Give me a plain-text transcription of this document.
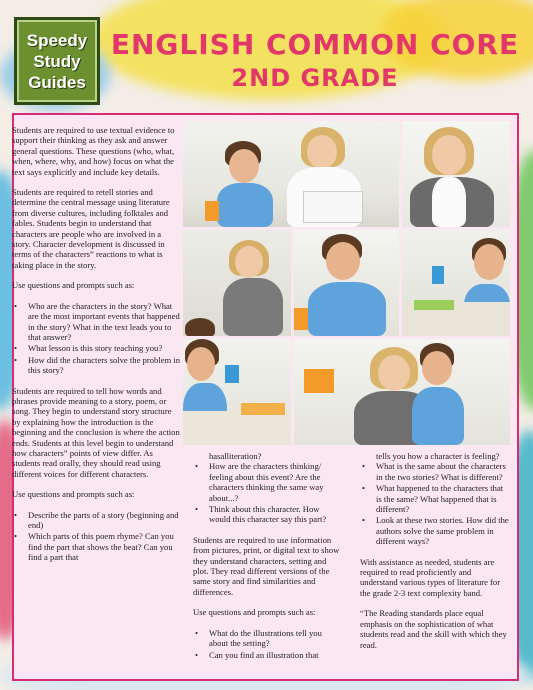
Speedy
Study
Guides
ENGLISH COMMON CORE
2ND GRADE

Students are required to use textual evidence to support their thinking as they ask and answer general questions. These questions (who, what, when, where, why, and how) focus on what the text says explicitly and include key details.

Students are required to retell stories and determine the central message using literature from diverse cultures, including folktales and fables. Students begin to understand that characters are people who are involved in a story. Character development is discussed in terms of the characters” reactions to what is taking place in the story.

Use questions and prompts such as:

• Who are the characters in the story? What are the most important events that happened in the story? What in the text leads you to that answer?
• What lesson is this story teaching you?
• How did the characters solve the problem in this story?

Students are required to tell how words and phrases provide meaning to a story, poem, or song. They begin to understand story structure by explaining how the introduction is the beginning and the conclusion is where the action ends. Students at this level begin to understand how characters” points of view differ. As students read orally, they should read using different voices for different characters.

Use questions and prompts such as:

• Describe the parts of a story (beginning and end)
• Which parts of this poem rhyme? Can you find the part that shows the beat? Can you find a part that

hasalliteration?

• How are the characters thinking/ feeling about this event? Are the characters thinking the same way about...?
• Think about this character. How would this character say this part?

Students are required to use information from pictures, print, or digital text to show they understand characters, setting and plot. They read different versions of the same story and find similarities and differences.

Use questions and prompts such as:

• What do the illustrations tell you about the setting?
• Can you find an illustration that

tells you how a character is feeling?

• What is the same about the characters in the two stories? What is different?
• What happened to the characters that is the same? What happened that is different?
• Look at these two stories. How did the authors solve the same problem in different ways?

With assistance as needed, students are required to read proficiently and understand various types of literature for the grade 2-3 text complexity band.

“The Reading standards place equal emphasis on the sophistication of what students read and the skill with which they read.
